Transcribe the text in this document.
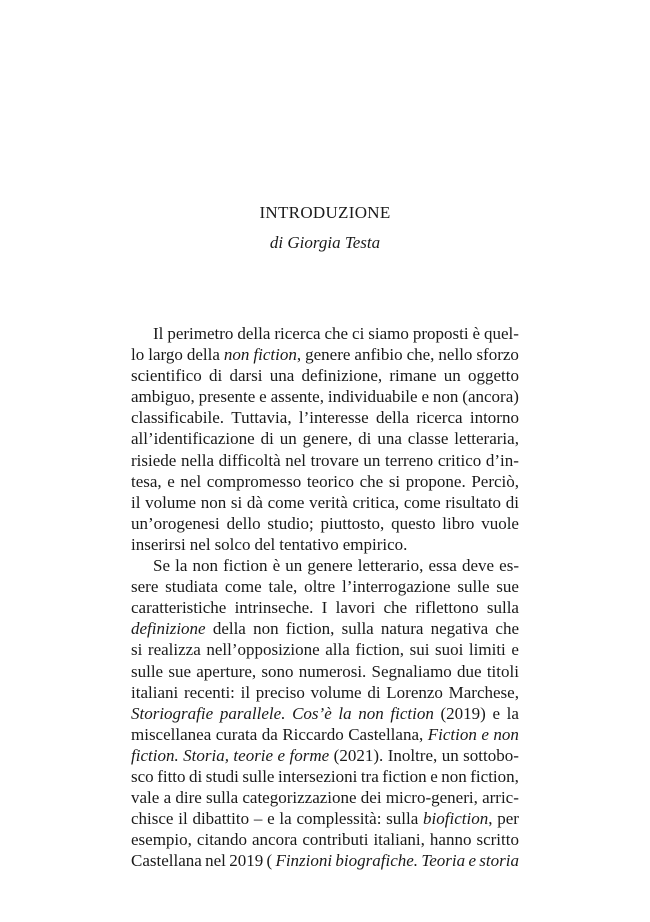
INTRODUZIONE
di Giorgia Testa
Il perimetro della ricerca che ci siamo proposti è quel-
lo largo della non fiction, genere anfibio che, nello sforzo
scientifico di darsi una definizione, rimane un oggetto
ambiguo, presente e assente, individuabile e non (ancora)
classificabile. Tuttavia, l’interesse della ricerca intorno
all’identificazione di un genere, di una classe letteraria,
risiede nella difficoltà nel trovare un terreno critico d’in-
tesa, e nel compromesso teorico che si propone. Perciò,
il volume non si dà come verità critica, come risultato di
un’orogenesi dello studio; piuttosto, questo libro vuole
inserirsi nel solco del tentativo empirico.
Se la non fiction è un genere letterario, essa deve es-
sere studiata come tale, oltre l’interrogazione sulle sue
caratteristiche intrinseche. I lavori che riflettono sulla
definizione della non fiction, sulla natura negativa che
si realizza nell’opposizione alla fiction, sui suoi limiti e
sulle sue aperture, sono numerosi. Segnaliamo due titoli
italiani recenti: il preciso volume di Lorenzo Marchese,
Storiografie parallele. Cos’è la non fiction (2019) e la
miscellanea curata da Riccardo Castellana, Fiction e non
fiction. Storia, teorie e forme (2021). Inoltre, un sottobo-
sco fitto di studi sulle intersezioni tra fiction e non fiction,
vale a dire sulla categorizzazione dei micro-generi, arric-
chisce il dibattito – e la complessità: sulla biofiction, per
esempio, citando ancora contributi italiani, hanno scritto
Castellana nel 2019 ( Finzioni biografiche. Teoria e storia
